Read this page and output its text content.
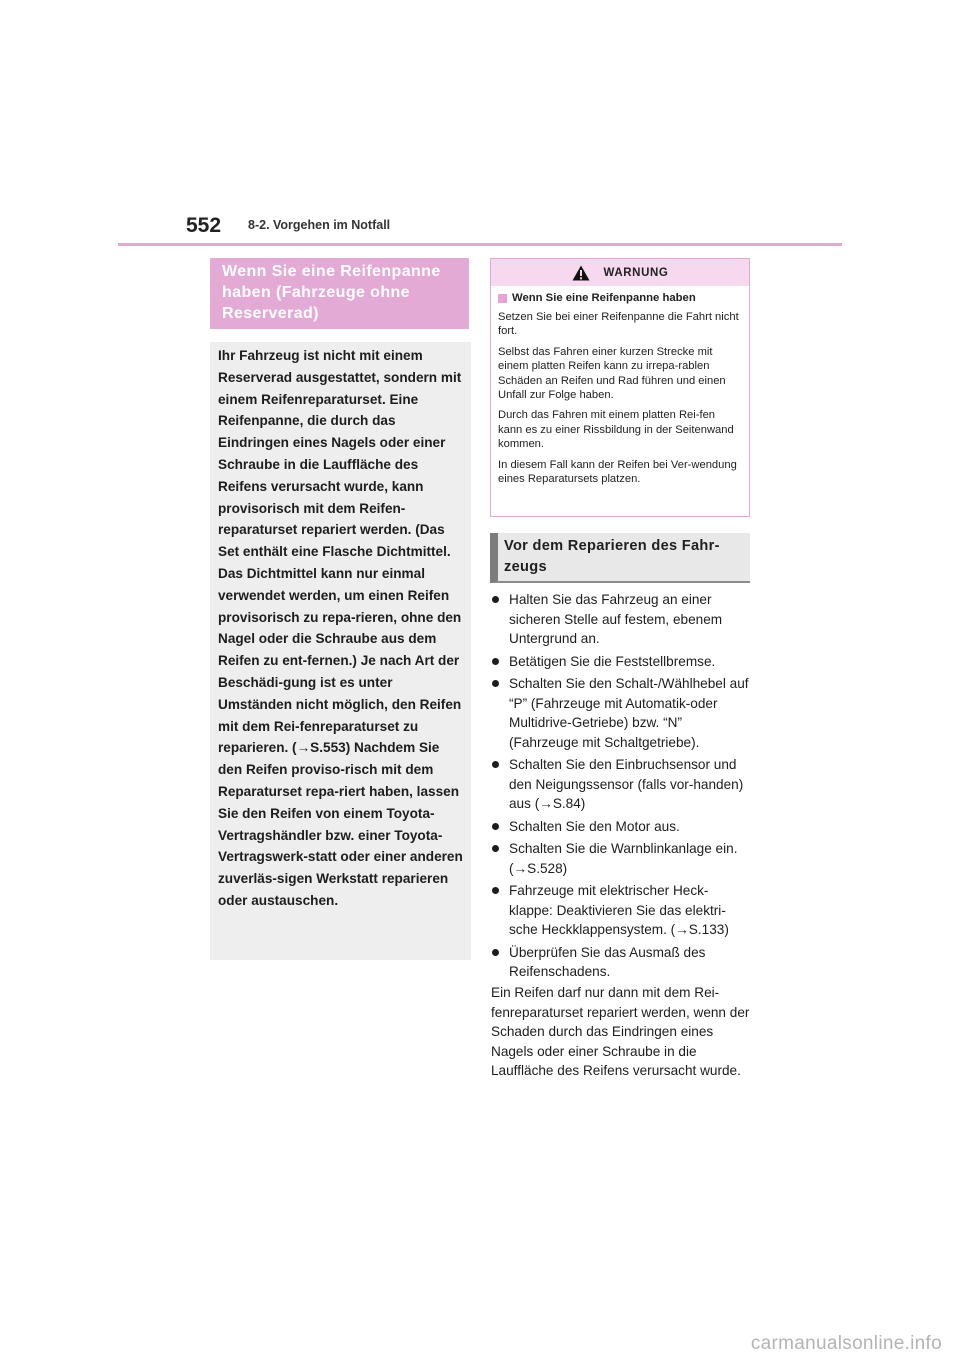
552 8-2. Vorgehen im Notfall
Wenn Sie eine Reifenpanne haben (Fahrzeuge ohne Reserverad)

Ihr Fahrzeug ist nicht mit einem Reserverad ausgestattet, sondern mit einem Reifenreparaturset. Eine Reifenpanne, die durch das Eindringen eines Nagels oder einer Schraube in die Lauffläche des Reifens verursacht wurde, kann provisorisch mit dem Reifen-reparaturset repariert werden. (Das Set enthält eine Flasche Dichtmittel. Das Dichtmittel kann nur einmal verwendet werden, um einen Reifen provisorisch zu repa-rieren, ohne den Nagel oder die Schraube aus dem Reifen zu ent-fernen.) Je nach Art der Beschädi-gung ist es unter Umständen nicht möglich, den Reifen mit dem Rei-fenreparaturset zu reparieren. (→S.553) Nachdem Sie den Reifen proviso-risch mit dem Reparaturset repa-riert haben, lassen Sie den Reifen von einem Toyota-Vertragshändler bzw. einer Toyota-Vertragswerk-statt oder einer anderen zuverläs-sigen Werkstatt reparieren oder austauschen.

WARNUNG
Wenn Sie eine Reifenpanne haben

Setzen Sie bei einer Reifenpanne die Fahrt nicht fort.

Selbst das Fahren einer kurzen Strecke mit einem platten Reifen kann zu irrepa-rablen Schäden an Reifen und Rad führen und einen Unfall zur Folge haben.

Durch das Fahren mit einem platten Rei-fen kann es zu einer Rissbildung in der Seitenwand kommen.

In diesem Fall kann der Reifen bei Ver-wendung eines Reparatursets platzen.

Vor dem Reparieren des Fahr-zeugs
Halten Sie das Fahrzeug an einer sicheren Stelle auf festem, ebenem Untergrund an.
Betätigen Sie die Feststellbremse.
Schalten Sie den Schalt-/Wählhebel auf “P” (Fahrzeuge mit Automatik-oder Multidrive-Getriebe) bzw. “N” (Fahrzeuge mit Schaltgetriebe).
Schalten Sie den Einbruchsensor und den Neigungssensor (falls vor-handen) aus (→S.84)
Schalten Sie den Motor aus.
Schalten Sie die Warnblinkanlage ein. (→S.528)
Fahrzeuge mit elektrischer Heck-klappe: Deaktivieren Sie das elektri-sche Heckklappensystem. (→S.133)
Überprüfen Sie das Ausmaß des Reifenschadens.

Ein Reifen darf nur dann mit dem Rei-fenreparaturset repariert werden, wenn der Schaden durch das Eindringen eines Nagels oder einer Schraube in die Lauffläche des Reifens verursacht wurde.

carmanualsonline.info
